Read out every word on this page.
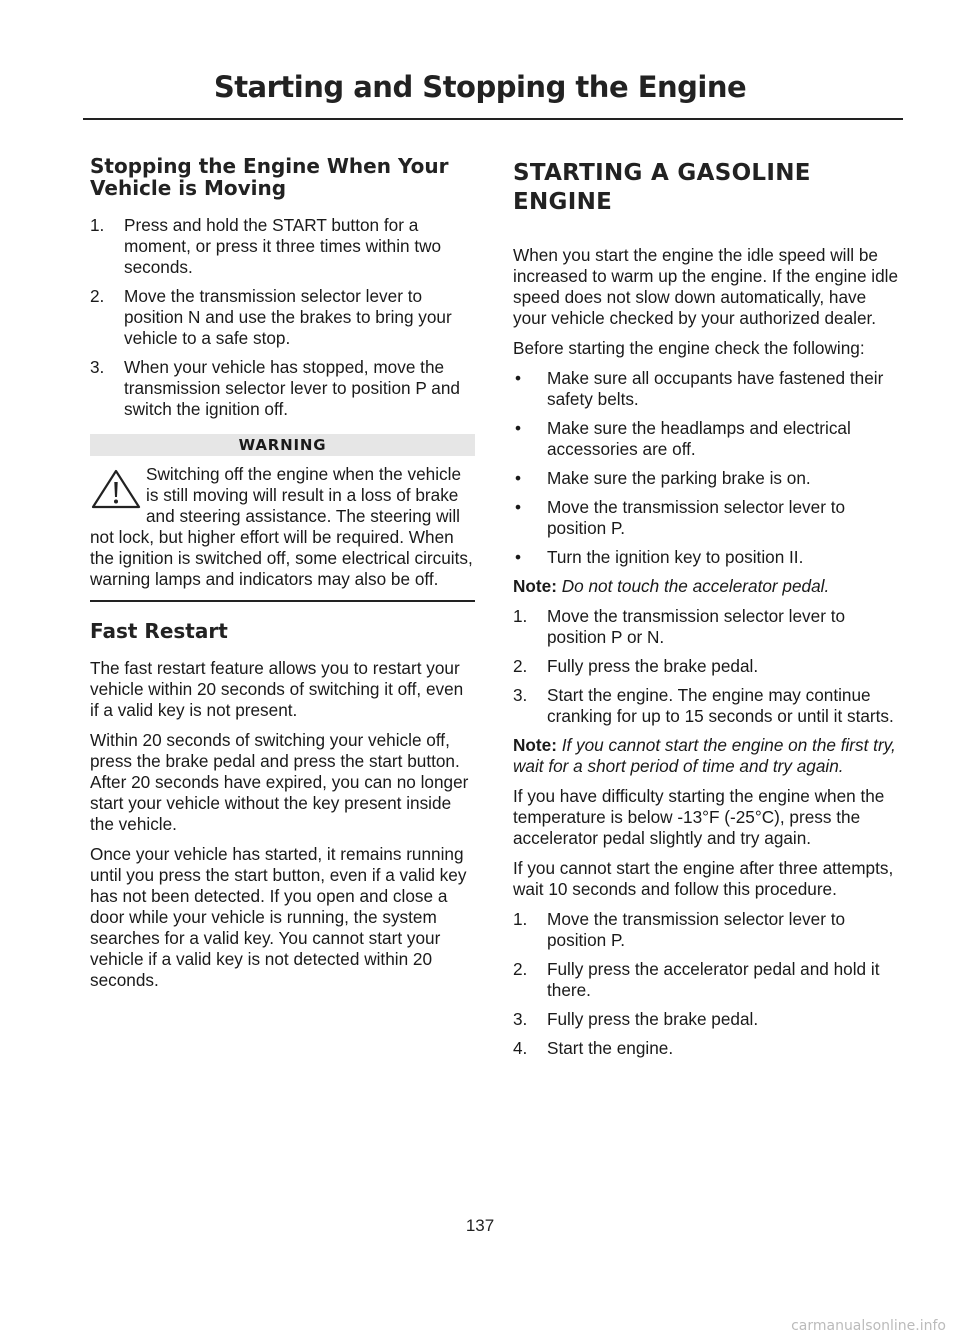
Starting and Stopping the Engine
Stopping the Engine When Your Vehicle is Moving
1. Press and hold the START button for a moment, or press it three times within two seconds.
2. Move the transmission selector lever to position N and use the brakes to bring your vehicle to a safe stop.
3. When your vehicle has stopped, move the transmission selector lever to position P and switch the ignition off.
WARNING
Switching off the engine when the vehicle is still moving will result in a loss of brake and steering assistance. The steering will not lock, but higher effort will be required. When the ignition is switched off, some electrical circuits, warning lamps and indicators may also be off.
Fast Restart

The fast restart feature allows you to restart your vehicle within 20 seconds of switching it off, even if a valid key is not present.

Within 20 seconds of switching your vehicle off, press the brake pedal and press the start button. After 20 seconds have expired, you can no longer start your vehicle without the key present inside the vehicle.

Once your vehicle has started, it remains running until you press the start button, even if a valid key has not been detected. If you open and close a door while your vehicle is running, the system searches for a valid key. You cannot start your vehicle if a valid key is not detected within 20 seconds.

STARTING A GASOLINE ENGINE

When you start the engine the idle speed will be increased to warm up the engine. If the engine idle speed does not slow down automatically, have your vehicle checked by your authorized dealer.

Before starting the engine check the following:

• Make sure all occupants have fastened their safety belts.
• Make sure the headlamps and electrical accessories are off.
• Make sure the parking brake is on.
• Move the transmission selector lever to position P.
• Turn the ignition key to position II.

Note: Do not touch the accelerator pedal.

1. Move the transmission selector lever to position P or N.
2. Fully press the brake pedal.
3. Start the engine. The engine may continue cranking for up to 15 seconds or until it starts.

Note: If you cannot start the engine on the first try, wait for a short period of time and try again.

If you have difficulty starting the engine when the temperature is below -13°F (-25°C), press the accelerator pedal slightly and try again.

If you cannot start the engine after three attempts, wait 10 seconds and follow this procedure.

1. Move the transmission selector lever to position P.
2. Fully press the accelerator pedal and hold it there.
3. Fully press the brake pedal.
4. Start the engine.
137
carmanualsonline.info
